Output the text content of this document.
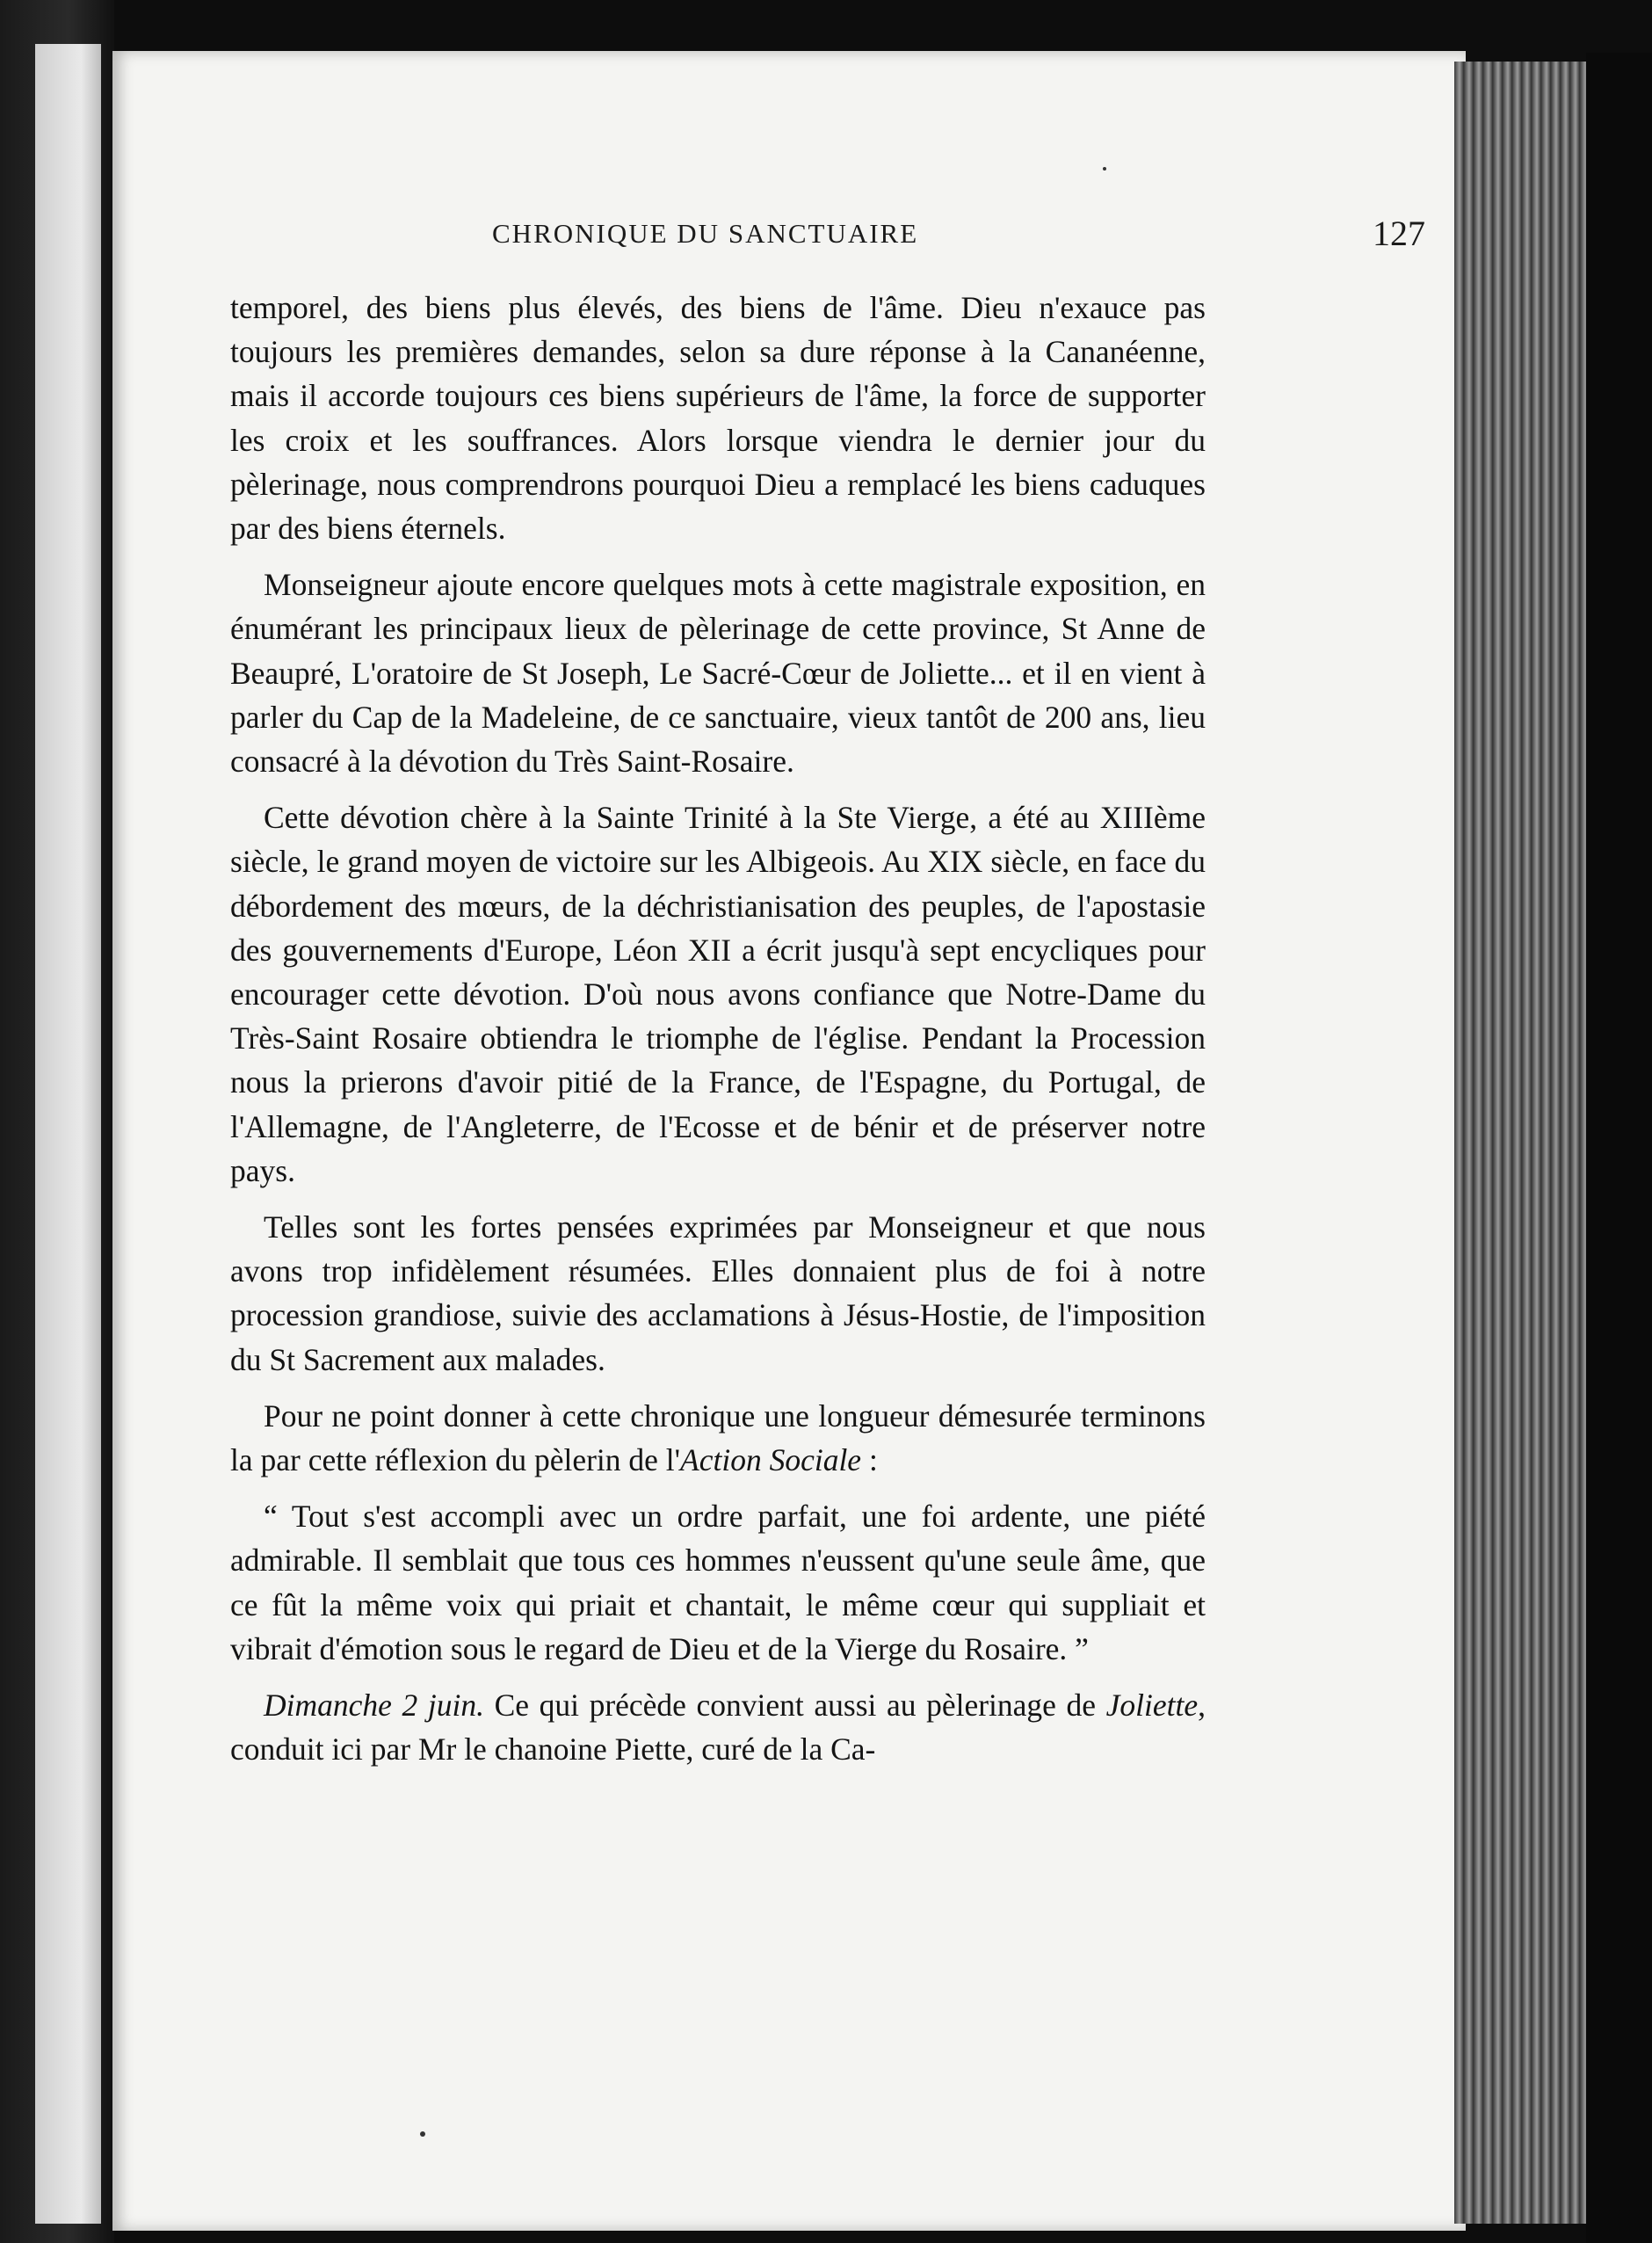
CHRONIQUE DU SANCTUAIRE	127

temporel, des biens plus élevés, des biens de l'âme. Dieu n'exauce pas toujours les premières demandes, selon sa dure réponse à la Cananéenne, mais il accorde toujours ces biens supérieurs de l'âme, la force de supporter les croix et les souffrances. Alors lorsque viendra le dernier jour du pèlerinage, nous comprendrons pourquoi Dieu a remplacé les biens caduques par des biens éternels.

Monseigneur ajoute encore quelques mots à cette magistrale exposition, en énumérant les principaux lieux de pèlerinage de cette province, St Anne de Beaupré, L'oratoire de St Joseph, Le Sacré-Cœur de Joliette... et il en vient à parler du Cap de la Madeleine, de ce sanctuaire, vieux tantôt de 200 ans, lieu consacré à la dévotion du Très Saint-Rosaire.

Cette dévotion chère à la Sainte Trinité à la Ste Vierge, a été au XIIIème siècle, le grand moyen de victoire sur les Albigeois. Au XIX siècle, en face du débordement des mœurs, de la déchristianisation des peuples, de l'apostasie des gouvernements d'Europe, Léon XII a écrit jusqu'à sept encycliques pour encourager cette dévotion. D'où nous avons confiance que Notre-Dame du Très-Saint Rosaire obtiendra le triomphe de l'église. Pendant la Procession nous la prierons d'avoir pitié de la France, de l'Espagne, du Portugal, de l'Allemagne, de l'Angleterre, de l'Ecosse et de bénir et de préserver notre pays.

Telles sont les fortes pensées exprimées par Monseigneur et que nous avons trop infidèlement résumées. Elles donnaient plus de foi à notre procession grandiose, suivie des acclamations à Jésus-Hostie, de l'imposition du St Sacrement aux malades.

Pour ne point donner à cette chronique une longueur démesurée terminons la par cette réflexion du pèlerin de l'Action Sociale :

“ Tout s'est accompli avec un ordre parfait, une foi ardente, une piété admirable. Il semblait que tous ces hommes n'eussent qu'une seule âme, que ce fût la même voix qui priait et chantait, le même cœur qui suppliait et vibrait d'émotion sous le regard de Dieu et de la Vierge du Rosaire. ”

Dimanche 2 juin. Ce qui précède convient aussi au pèlerinage de Joliette, conduit ici par Mr le chanoine Piette, curé de la Ca-
